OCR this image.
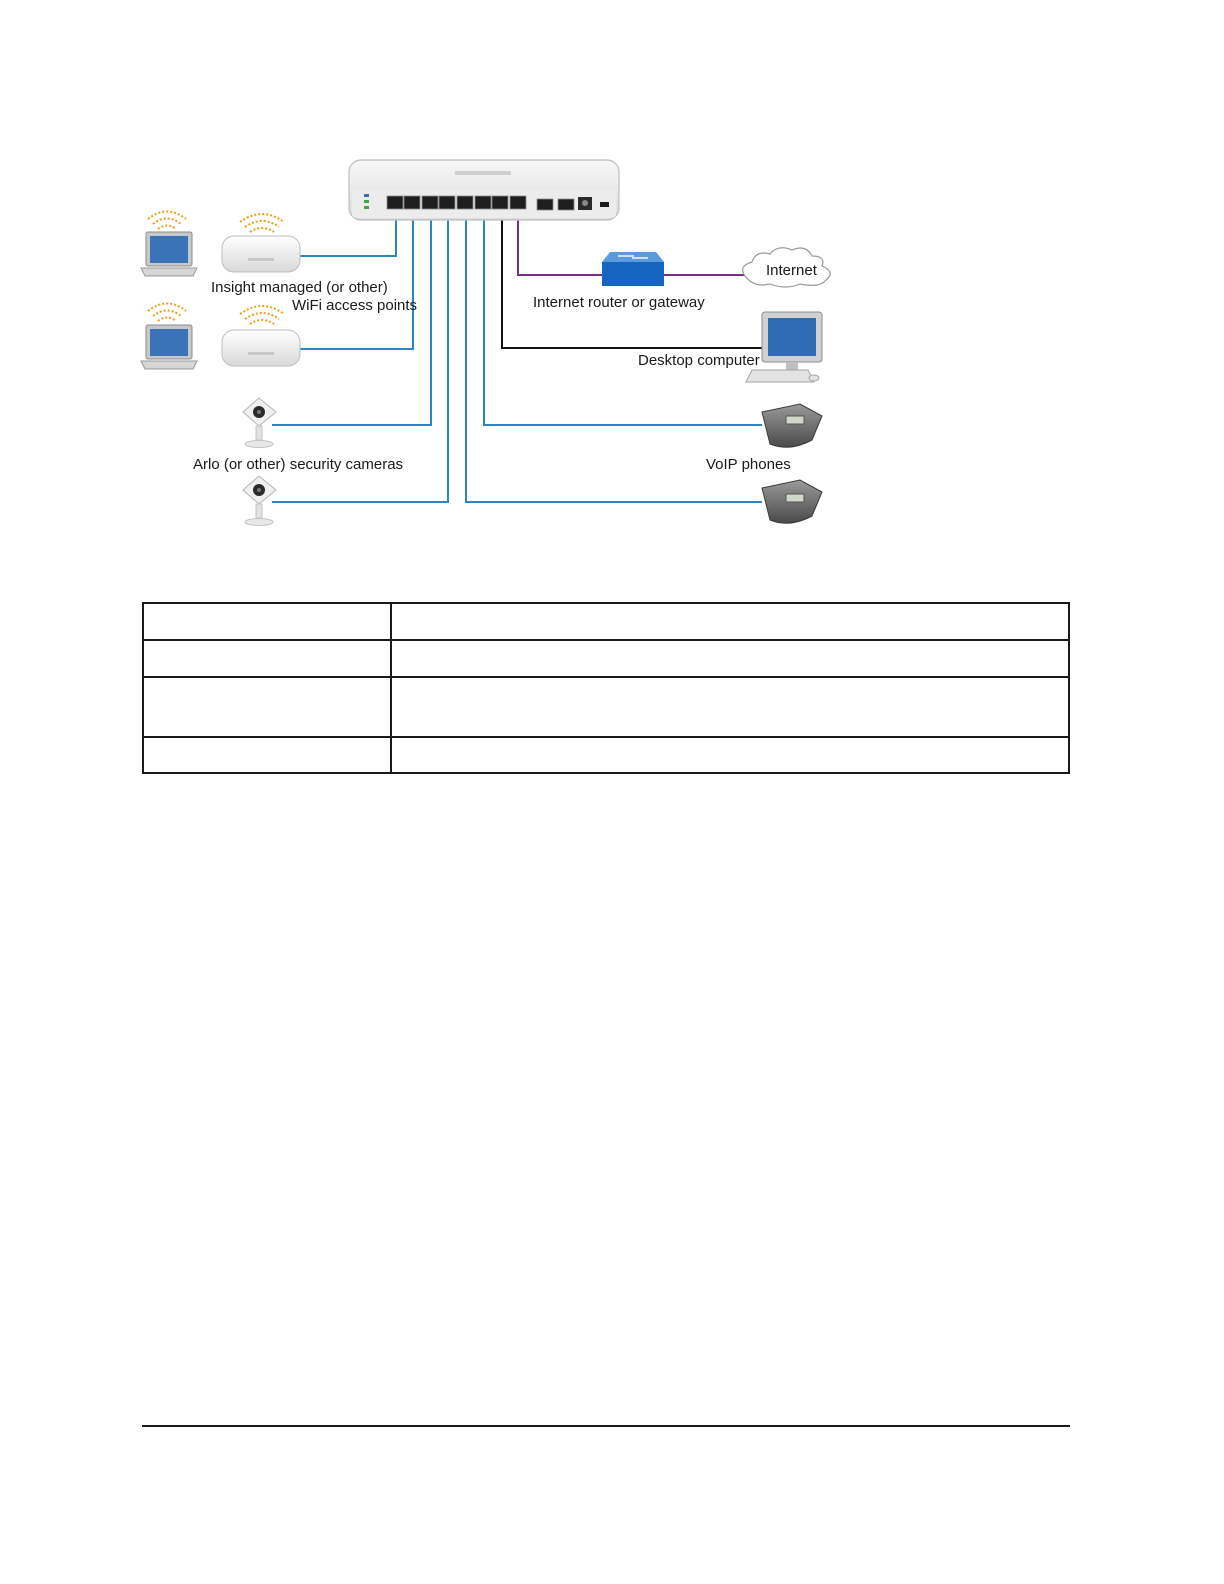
Insight managed (or other)
WiFi access points	Internet router or gateway
Internet
Desktop computer
Arlo (or other) security cameras	VoIP phones
